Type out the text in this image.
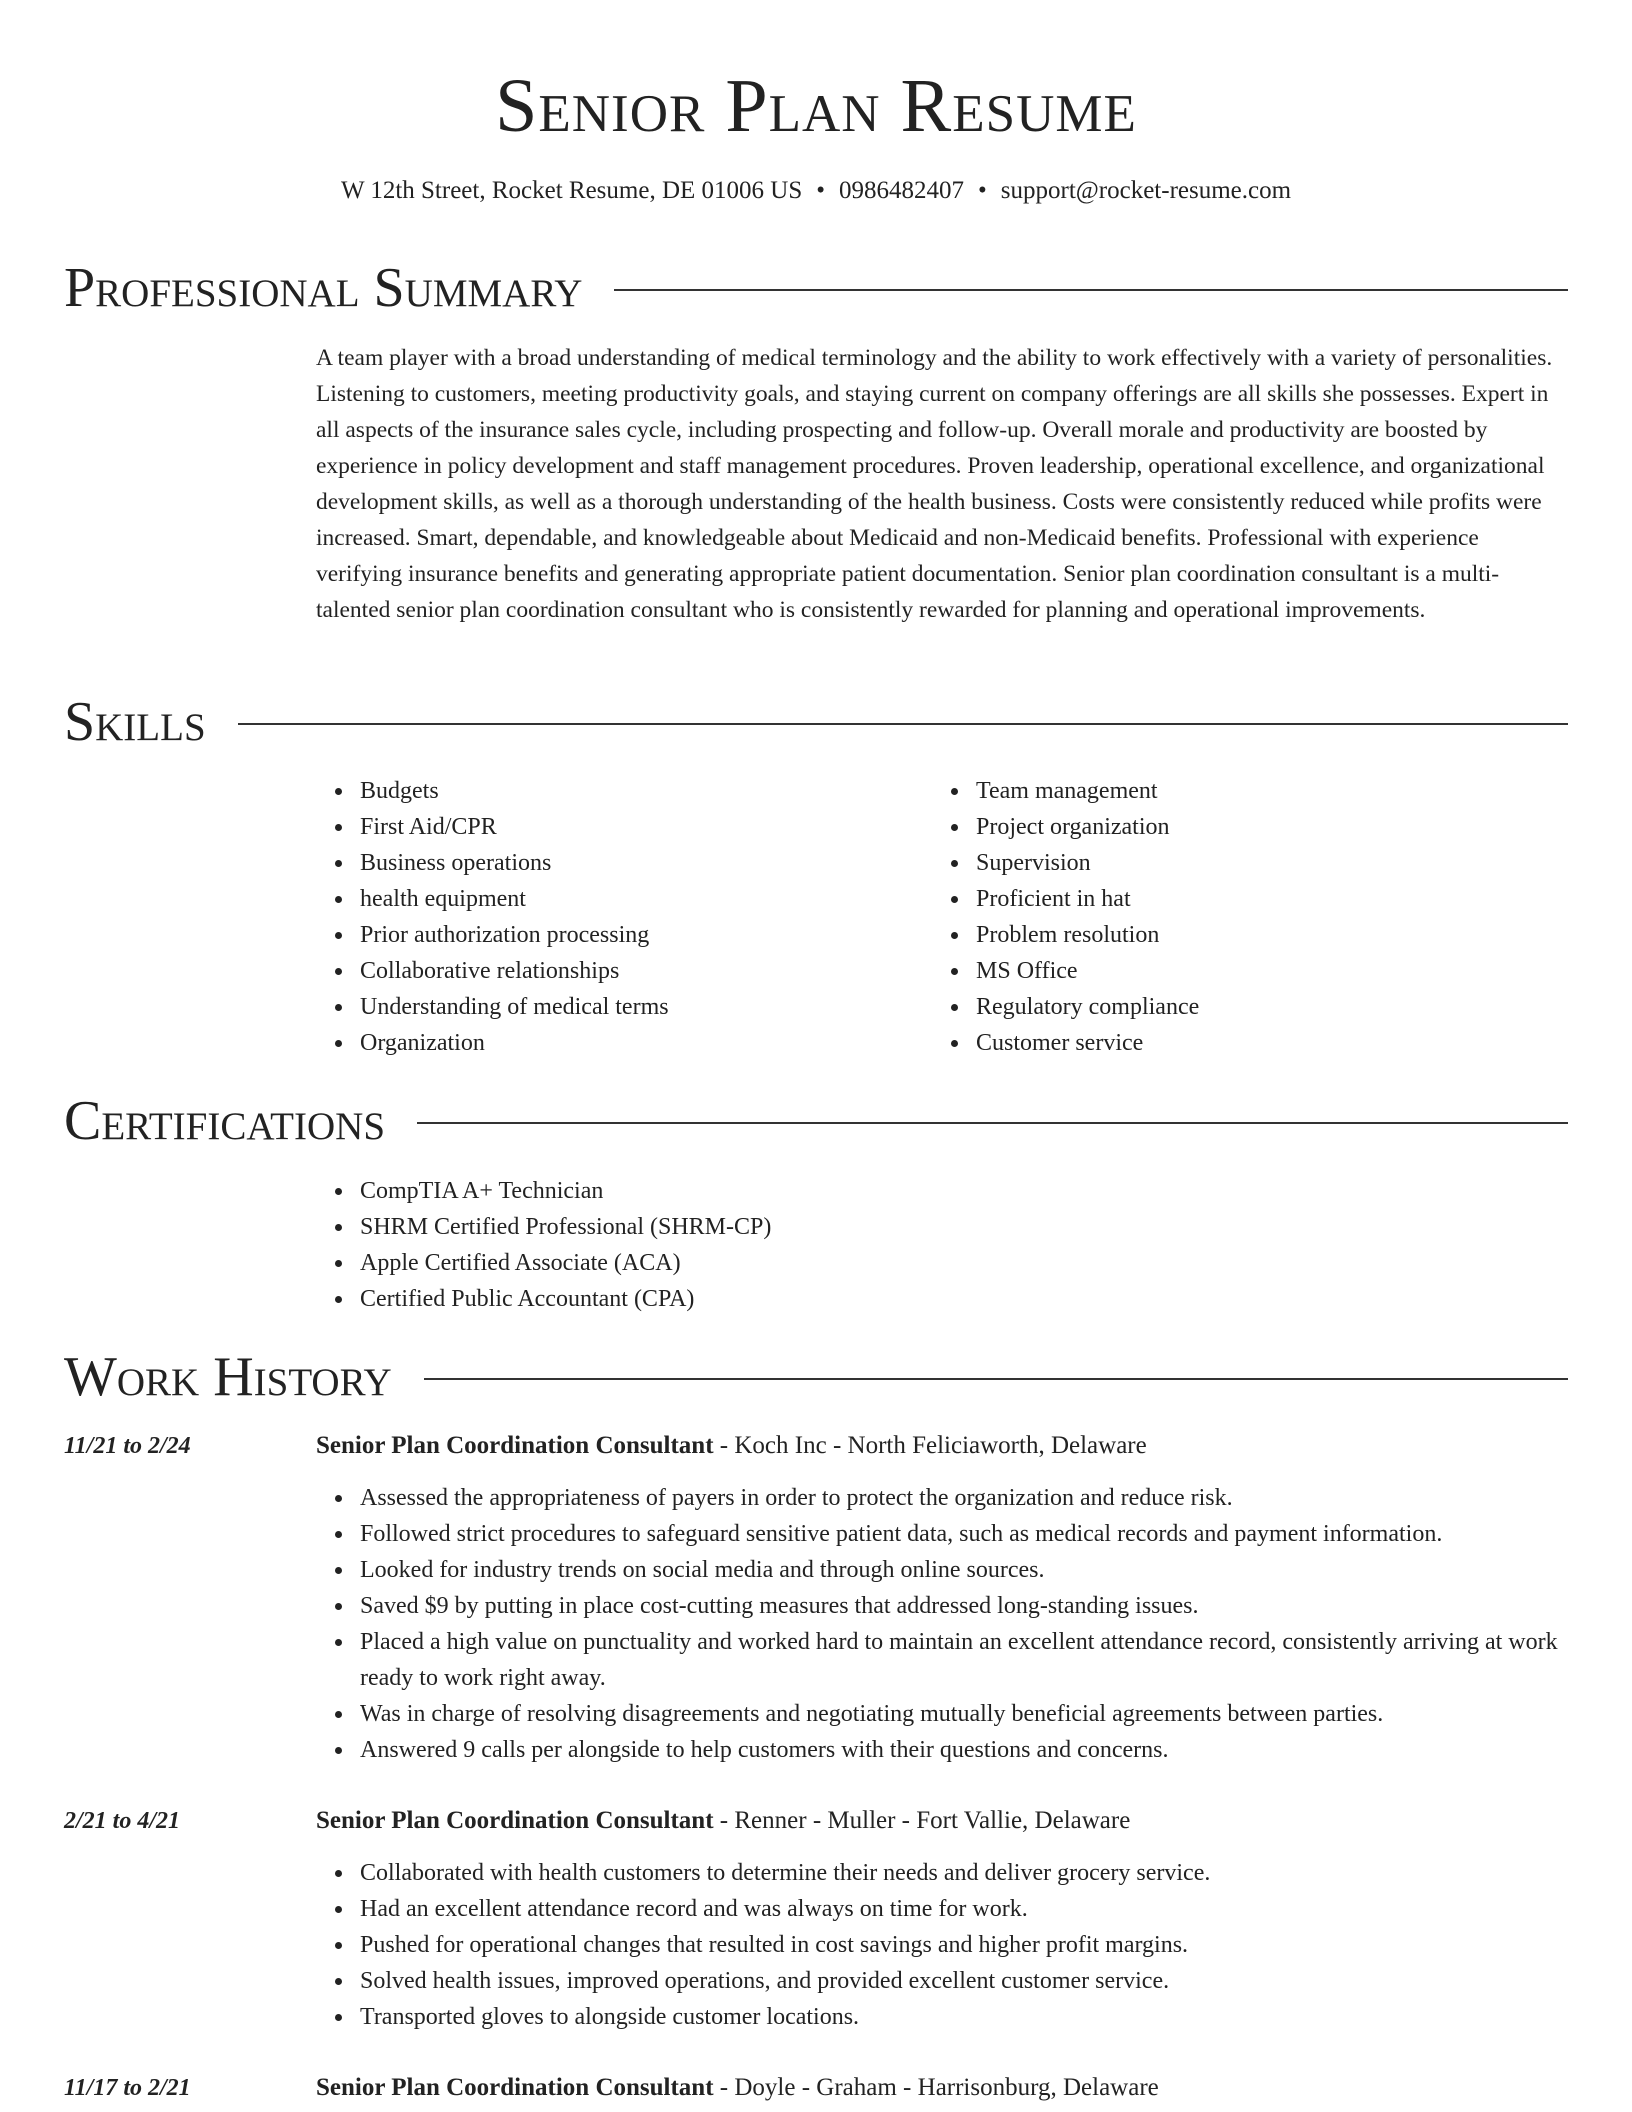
Senior Plan Resume
W 12th Street, Rocket Resume, DE 01006 US • 0986482407 • support@rocket-resume.com
Professional Summary

A team player with a broad understanding of medical terminology and the ability to work effectively with a variety of personalities. Listening to customers, meeting productivity goals, and staying current on company offerings are all skills she possesses. Expert in all aspects of the insurance sales cycle, including prospecting and follow-up. Overall morale and productivity are boosted by experience in policy development and staff management procedures. Proven leadership, operational excellence, and organizational development skills, as well as a thorough understanding of the health business. Costs were consistently reduced while profits were increased. Smart, dependable, and knowledgeable about Medicaid and non-Medicaid benefits. Professional with experience verifying insurance benefits and generating appropriate patient documentation. Senior plan coordination consultant is a multi-talented senior plan coordination consultant who is consistently rewarded for planning and operational improvements.

Skills
Budgets
First Aid/CPR
Business operations
health equipment
Prior authorization processing
Collaborative relationships
Understanding of medical terms
Organization
Team management
Project organization
Supervision
Proficient in hat
Problem resolution
MS Office
Regulatory compliance
Customer service
Certifications
CompTIA A+ Technician
SHRM Certified Professional (SHRM-CP)
Apple Certified Associate (ACA)
Certified Public Accountant (CPA)
Work History
11/21 to 2/24	Senior Plan Coordination Consultant - Koch Inc - North Feliciaworth, Delaware
Assessed the appropriateness of payers in order to protect the organization and reduce risk.
Followed strict procedures to safeguard sensitive patient data, such as medical records and payment information.
Looked for industry trends on social media and through online sources.
Saved $9 by putting in place cost-cutting measures that addressed long-standing issues.
Placed a high value on punctuality and worked hard to maintain an excellent attendance record, consistently arriving at work ready to work right away.
Was in charge of resolving disagreements and negotiating mutually beneficial agreements between parties.
Answered 9 calls per alongside to help customers with their questions and concerns.
2/21 to 4/21	Senior Plan Coordination Consultant - Renner - Muller - Fort Vallie, Delaware
Collaborated with health customers to determine their needs and deliver grocery service.
Had an excellent attendance record and was always on time for work.
Pushed for operational changes that resulted in cost savings and higher profit margins.
Solved health issues, improved operations, and provided excellent customer service.
Transported gloves to alongside customer locations.
11/17 to 2/21	Senior Plan Coordination Consultant - Doyle - Graham - Harrisonburg, Delaware
